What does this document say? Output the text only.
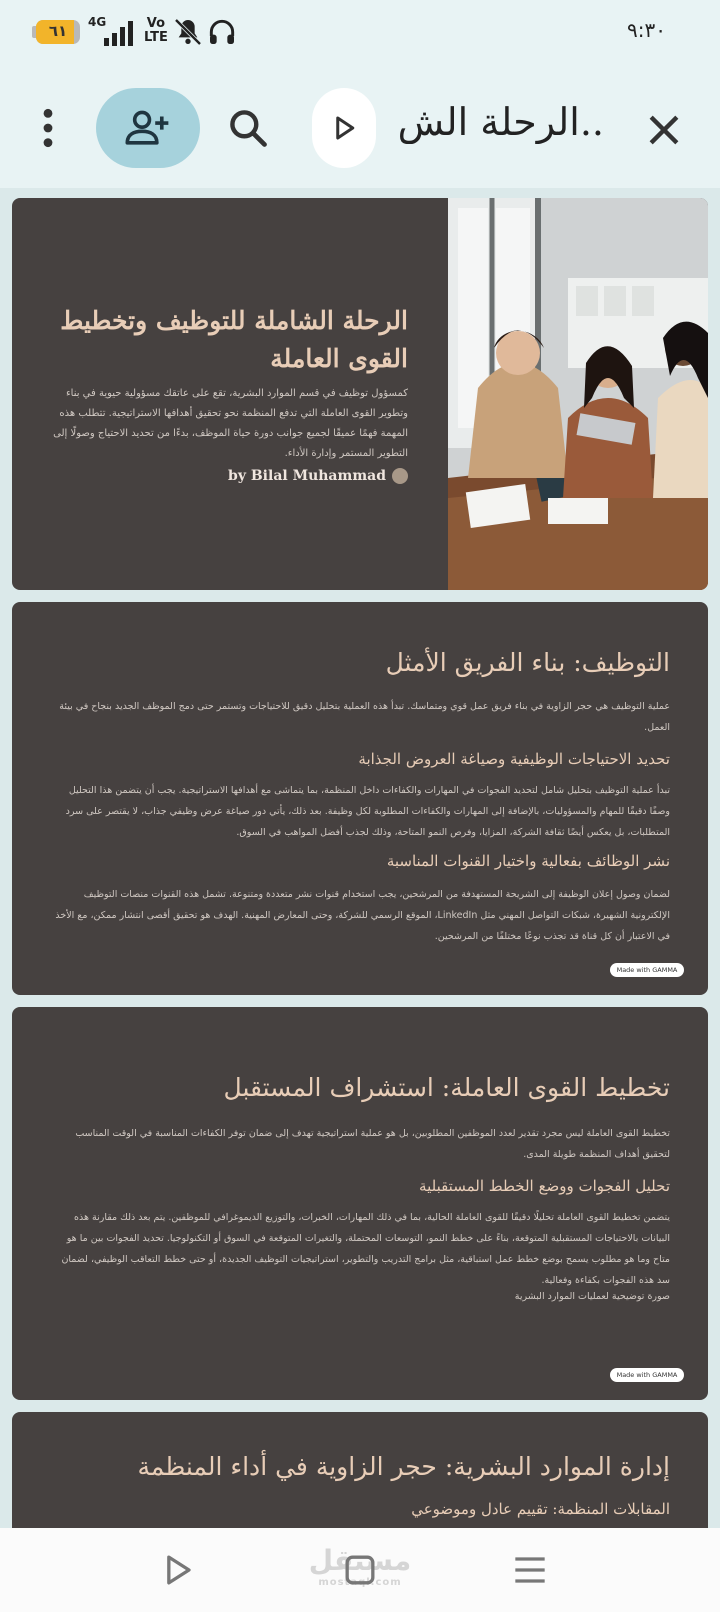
٦١	4G	Vo
LTE	٩:٣٠
الرحلة الش..
الرحلة الشاملة للتوظيف وتخطيط القوى العاملة
كمسؤول توظيف في قسم الموارد البشرية، تقع على عاتقك مسؤولية حيوية في بناء وتطوير القوى العاملة التي تدفع المنظمة نحو تحقيق أهدافها الاستراتيجية. تتطلب هذه المهمة فهمًا عميقًا لجميع جوانب دورة حياة الموظف، بدءًا من تحديد الاحتياج وصولًا إلى التطوير المستمر وإدارة الأداء.
by Bilal Muhammad
التوظيف: بناء الفريق الأمثل
عملية التوظيف هي حجر الزاوية في بناء فريق عمل قوي ومتماسك. تبدأ هذه العملية بتحليل دقيق للاحتياجات وتستمر حتى دمج الموظف الجديد بنجاح في بيئة العمل.
تحديد الاحتياجات الوظيفية وصياغة العروض الجذابة
تبدأ عملية التوظيف بتحليل شامل لتحديد الفجوات في المهارات والكفاءات داخل المنظمة، بما يتماشى مع أهدافها الاستراتيجية. يجب أن يتضمن هذا التحليل وصفًا دقيقًا للمهام والمسؤوليات، بالإضافة إلى المهارات والكفاءات المطلوبة لكل وظيفة. بعد ذلك، يأتي دور صياغة عرض وظيفي جذاب، لا يقتصر على سرد المتطلبات، بل يعكس أيضًا ثقافة الشركة، المزايا، وفرص النمو المتاحة، وذلك لجذب أفضل المواهب في السوق.
نشر الوظائف بفعالية واختيار القنوات المناسبة
لضمان وصول إعلان الوظيفة إلى الشريحة المستهدفة من المرشحين، يجب استخدام قنوات نشر متعددة ومتنوعة. تشمل هذه القنوات منصات التوظيف الإلكترونية الشهيرة، شبكات التواصل المهني مثل LinkedIn، الموقع الرسمي للشركة، وحتى المعارض المهنية. الهدف هو تحقيق أقصى انتشار ممكن، مع الأخذ في الاعتبار أن كل قناة قد تجذب نوعًا مختلفًا من المرشحين.
Made with GAMMA
تخطيط القوى العاملة: استشراف المستقبل
تخطيط القوى العاملة ليس مجرد تقدير لعدد الموظفين المطلوبين، بل هو عملية استراتيجية تهدف إلى ضمان توفر الكفاءات المناسبة في الوقت المناسب لتحقيق أهداف المنظمة طويلة المدى.
تحليل الفجوات ووضع الخطط المستقبلية
يتضمن تخطيط القوى العاملة تحليلًا دقيقًا للقوى العاملة الحالية، بما في ذلك المهارات، الخبرات، والتوزيع الديموغرافي للموظفين. يتم بعد ذلك مقارنة هذه البيانات بالاحتياجات المستقبلية المتوقعة، بناءً على خطط النمو، التوسعات المحتملة، والتغيرات المتوقعة في السوق أو التكنولوجيا. تحديد الفجوات بين ما هو متاح وما هو مطلوب يسمح بوضع خطط عمل استباقية، مثل برامج التدريب والتطوير، استراتيجيات التوظيف الجديدة، أو حتى خطط التعاقب الوظيفي، لضمان سد هذه الفجوات بكفاءة وفعالية.
صورة توضيحية لعمليات الموارد البشرية
Made with GAMMA
إدارة الموارد البشرية: حجر الزاوية في أداء المنظمة
المقابلات المنظمة: تقييم عادل وموضوعي
مستقل
mostaql.com
